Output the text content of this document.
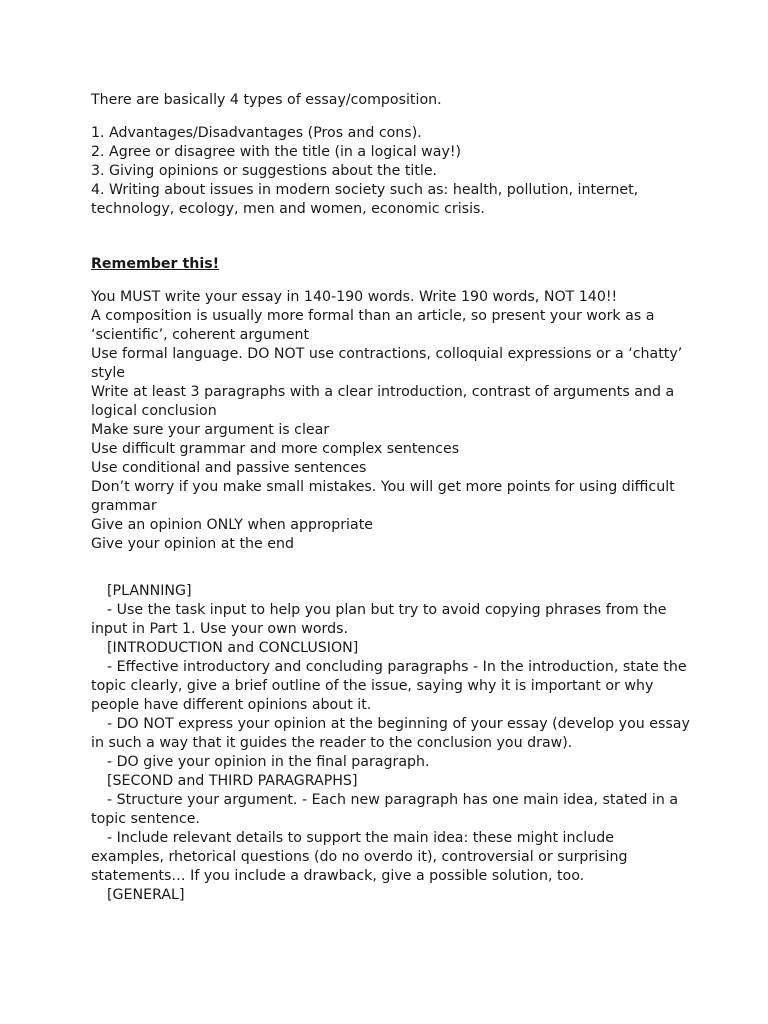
There are basically 4 types of essay/composition.

1. Advantages/Disadvantages (Pros and cons).

2. Agree or disagree with the title (in a logical way!)

3. Giving opinions or suggestions about the title.

4. Writing about issues in modern society such as: health, pollution, internet, technology, ecology, men and women, economic crisis.

Remember this!

You MUST write your essay in 140-190 words. Write 190 words, NOT 140!!

A composition is usually more formal than an article, so present your work as a ‘scientific’, coherent argument

Use formal language. DO NOT use contractions, colloquial expressions or a ‘chatty’ style

Write at least 3 paragraphs with a clear introduction, contrast of arguments and a logical conclusion

Make sure your argument is clear

Use difficult grammar and more complex sentences

Use conditional and passive sentences

Don’t worry if you make small mistakes. You will get more points for using difficult grammar

Give an opinion ONLY when appropriate

Give your opinion at the end

[PLANNING]

- Use the task input to help you plan but try to avoid copying phrases from the input in Part 1. Use your own words.

[INTRODUCTION and CONCLUSION]

- Effective introductory and concluding paragraphs - In the introduction, state the topic clearly, give a brief outline of the issue, saying why it is important or why people have different opinions about it.

- DO NOT express your opinion at the beginning of your essay (develop you essay in such a way that it guides the reader to the conclusion you draw).

- DO give your opinion in the final paragraph.

[SECOND and THIRD PARAGRAPHS]

- Structure your argument. - Each new paragraph has one main idea, stated in a topic sentence.

- Include relevant details to support the main idea: these might include examples, rhetorical questions (do no overdo it), controversial or surprising statements… If you include a drawback, give a possible solution, too.

[GENERAL]
